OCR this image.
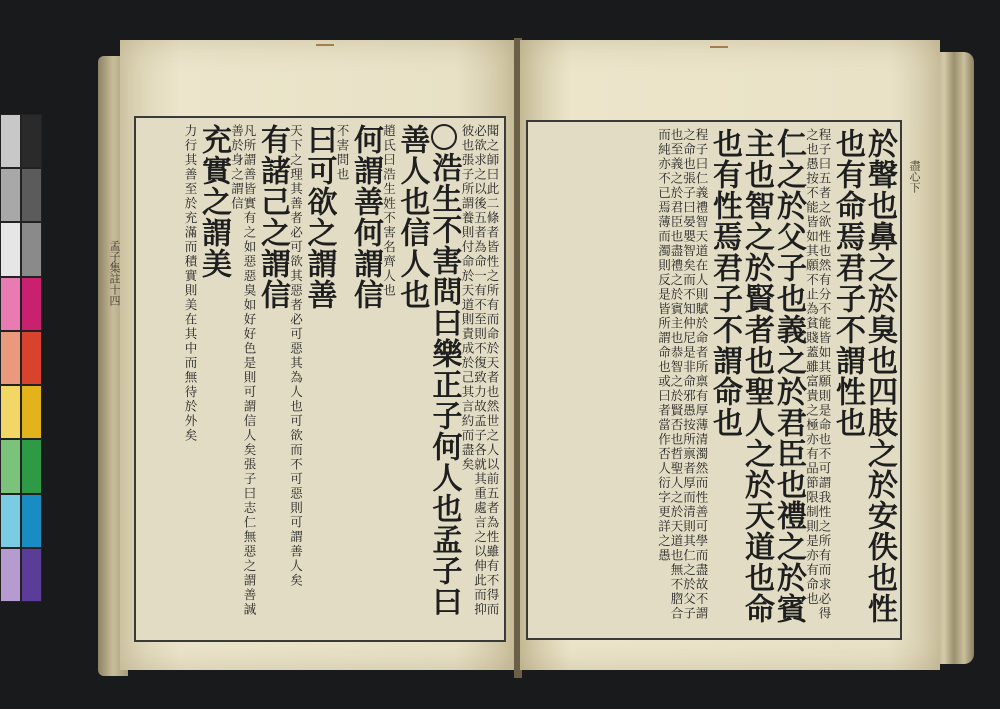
聞之師曰此二條者皆性之所有而命於天者也然世之人以前五者為性雖有不得而必欲求之以後五者為命一有不至則不復致力故孟子各就其重處言之以伸此而抑彼也張子所謂養則付命於天道則責成於己其言約而盡矣
浩生不害問曰樂正子何人也孟子曰
善人也信人也
趙氏曰浩生姓不害名齊人也
何謂善何謂信
不害問也
曰可欲之謂善
天下之理其善者必可欲其惡者必可惡其為人也可欲而不可惡則可謂善人矣
有諸己之謂信
凡所謂善皆實有之如惡惡臭如好好色是則可謂信人矣張子曰志仁無惡之謂善誠善於身之謂信
充實之謂美
力行其善至於充滿而積實則美在其中而無待於外矣
孟子集註十四	於聲也鼻之於臭也四肢之於安佚也性
也有命焉君子不謂性也
程子曰五者之欲性也然有分不能皆如其願則是命也不可謂我性之所有而求必得之也愚按不能皆如其願不止為貧賤蓋雖富貴之極亦有品節限制則是亦有命也
仁之於父子也義之於君臣也禮之於賓
主也智之於賢者也聖人之於天道也命
也有性焉君子不謂命也
程子曰仁義禮智天道在人則賦於命者所禀有厚薄清濁然而性善可學而盡故不謂之命也張子曰晏嬰智矣而不知仲尼是非命邪愚按所禀者厚而清則其仁之於父子也至義之於君臣也盡禮之於賓主也恭智之於賢否也哲聖人之於天道也無不脗合而純亦不已焉薄而濁則反是皆所謂命也或曰者當作否人衍字更詳之愚	盡心下
